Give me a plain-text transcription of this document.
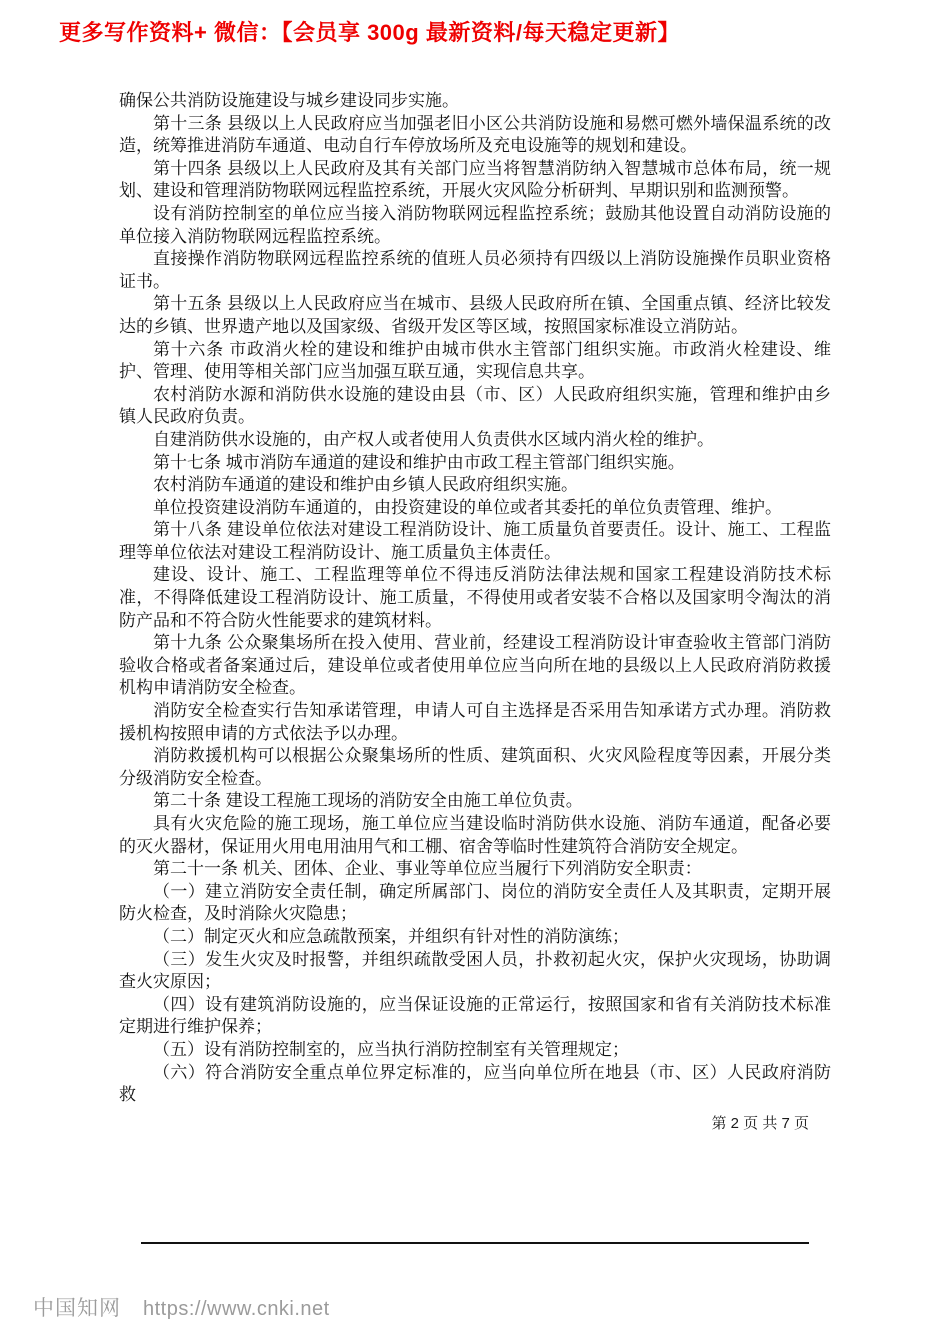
更多写作资料+ 微信：【会员享 300g 最新资料/每天稳定更新】

确保公共消防设施建设与城乡建设同步实施。

第十三条 县级以上人民政府应当加强老旧小区公共消防设施和易燃可燃外墙保温系统的改造，统筹推进消防车通道、电动自行车停放场所及充电设施等的规划和建设。

第十四条 县级以上人民政府及其有关部门应当将智慧消防纳入智慧城市总体布局，统一规划、建设和管理消防物联网远程监控系统，开展火灾风险分析研判、早期识别和监测预警。

设有消防控制室的单位应当接入消防物联网远程监控系统；鼓励其他设置自动消防设施的单位接入消防物联网远程监控系统。

直接操作消防物联网远程监控系统的值班人员必须持有四级以上消防设施操作员职业资格证书。

第十五条 县级以上人民政府应当在城市、县级人民政府所在镇、全国重点镇、经济比较发达的乡镇、世界遗产地以及国家级、省级开发区等区域，按照国家标准设立消防站。

第十六条 市政消火栓的建设和维护由城市供水主管部门组织实施。市政消火栓建设、维护、管理、使用等相关部门应当加强互联互通，实现信息共享。

农村消防水源和消防供水设施的建设由县（市、区）人民政府组织实施，管理和维护由乡镇人民政府负责。

自建消防供水设施的，由产权人或者使用人负责供水区域内消火栓的维护。

第十七条 城市消防车通道的建设和维护由市政工程主管部门组织实施。

农村消防车通道的建设和维护由乡镇人民政府组织实施。

单位投资建设消防车通道的，由投资建设的单位或者其委托的单位负责管理、维护。

第十八条 建设单位依法对建设工程消防设计、施工质量负首要责任。设计、施工、工程监理等单位依法对建设工程消防设计、施工质量负主体责任。

建设、设计、施工、工程监理等单位不得违反消防法律法规和国家工程建设消防技术标准，不得降低建设工程消防设计、施工质量，不得使用或者安装不合格以及国家明令淘汰的消防产品和不符合防火性能要求的建筑材料。

第十九条 公众聚集场所在投入使用、营业前，经建设工程消防设计审查验收主管部门消防验收合格或者备案通过后，建设单位或者使用单位应当向所在地的县级以上人民政府消防救援机构申请消防安全检查。

消防安全检查实行告知承诺管理，申请人可自主选择是否采用告知承诺方式办理。消防救援机构按照申请的方式依法予以办理。

消防救援机构可以根据公众聚集场所的性质、建筑面积、火灾风险程度等因素，开展分类分级消防安全检查。

第二十条 建设工程施工现场的消防安全由施工单位负责。

具有火灾危险的施工现场，施工单位应当建设临时消防供水设施、消防车通道，配备必要的灭火器材，保证用火用电用油用气和工棚、宿舍等临时性建筑符合消防安全规定。

第二十一条 机关、团体、企业、事业等单位应当履行下列消防安全职责：

（一）建立消防安全责任制，确定所属部门、岗位的消防安全责任人及其职责，定期开展防火检查，及时消除火灾隐患；

（二）制定灭火和应急疏散预案，并组织有针对性的消防演练；

（三）发生火灾及时报警，并组织疏散受困人员，扑救初起火灾，保护火灾现场，协助调查火灾原因；

（四）设有建筑消防设施的，应当保证设施的正常运行，按照国家和省有关消防技术标准定期进行维护保养；

（五）设有消防控制室的，应当执行消防控制室有关管理规定；

（六）符合消防安全重点单位界定标准的，应当向单位所在地县（市、区）人民政府消防救

第 2 页 共 7 页
中国知网 https://www.cnki.net
